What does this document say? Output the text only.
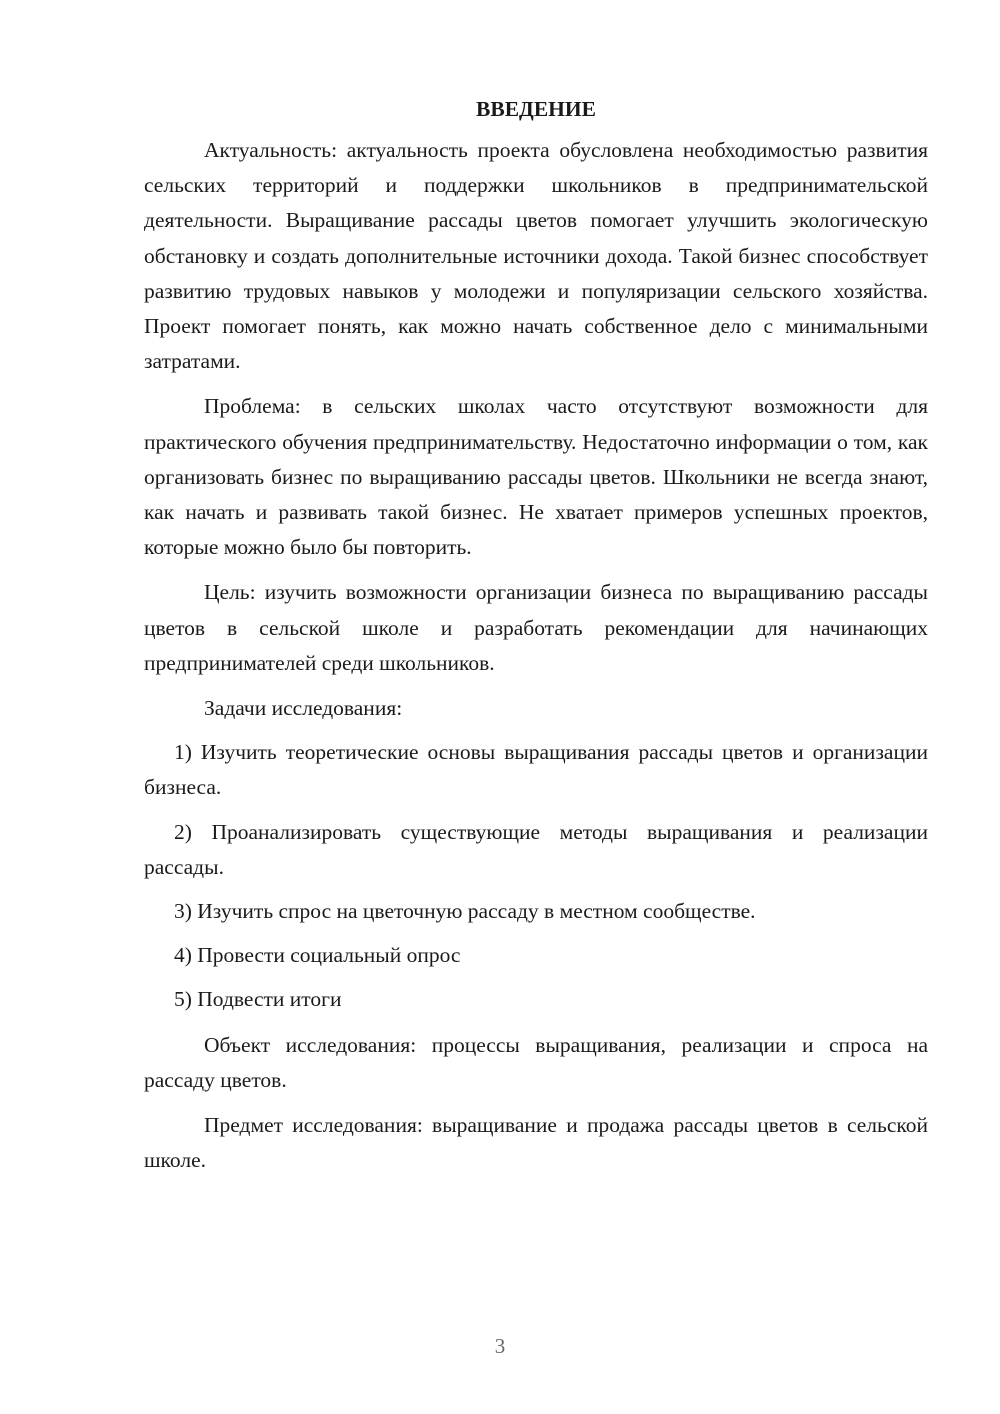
ВВЕДЕНИЕ

Актуальность: актуальность проекта обусловлена необходимостью развития сельских территорий и поддержки школьников в предпринимательской деятельности. Выращивание рассады цветов помогает улучшить экологическую обстановку и создать дополнительные источники дохода. Такой бизнес способствует развитию трудовых навыков у молодежи и популяризации сельского хозяйства. Проект помогает понять, как можно начать собственное дело с минимальными затратами.

Проблема: в сельских школах часто отсутствуют возможности для практического обучения предпринимательству. Недостаточно информации о том, как организовать бизнес по выращиванию рассады цветов. Школьники не всегда знают, как начать и развивать такой бизнес. Не хватает примеров успешных проектов, которые можно было бы повторить.

Цель: изучить возможности организации бизнеса по выращиванию рассады цветов в сельской школе и разработать рекомендации для начинающих предпринимателей среди школьников.

Задачи исследования:

1) Изучить теоретические основы выращивания рассады цветов и организации бизнеса.

2) Проанализировать существующие методы выращивания и реализации рассады.

3) Изучить спрос на цветочную рассаду в местном сообществе.

4) Провести социальный опрос

5) Подвести итоги

Объект исследования: процессы выращивания, реализации и спроса на рассаду цветов.

Предмет исследования: выращивание и продажа рассады цветов в сельской школе.

3
